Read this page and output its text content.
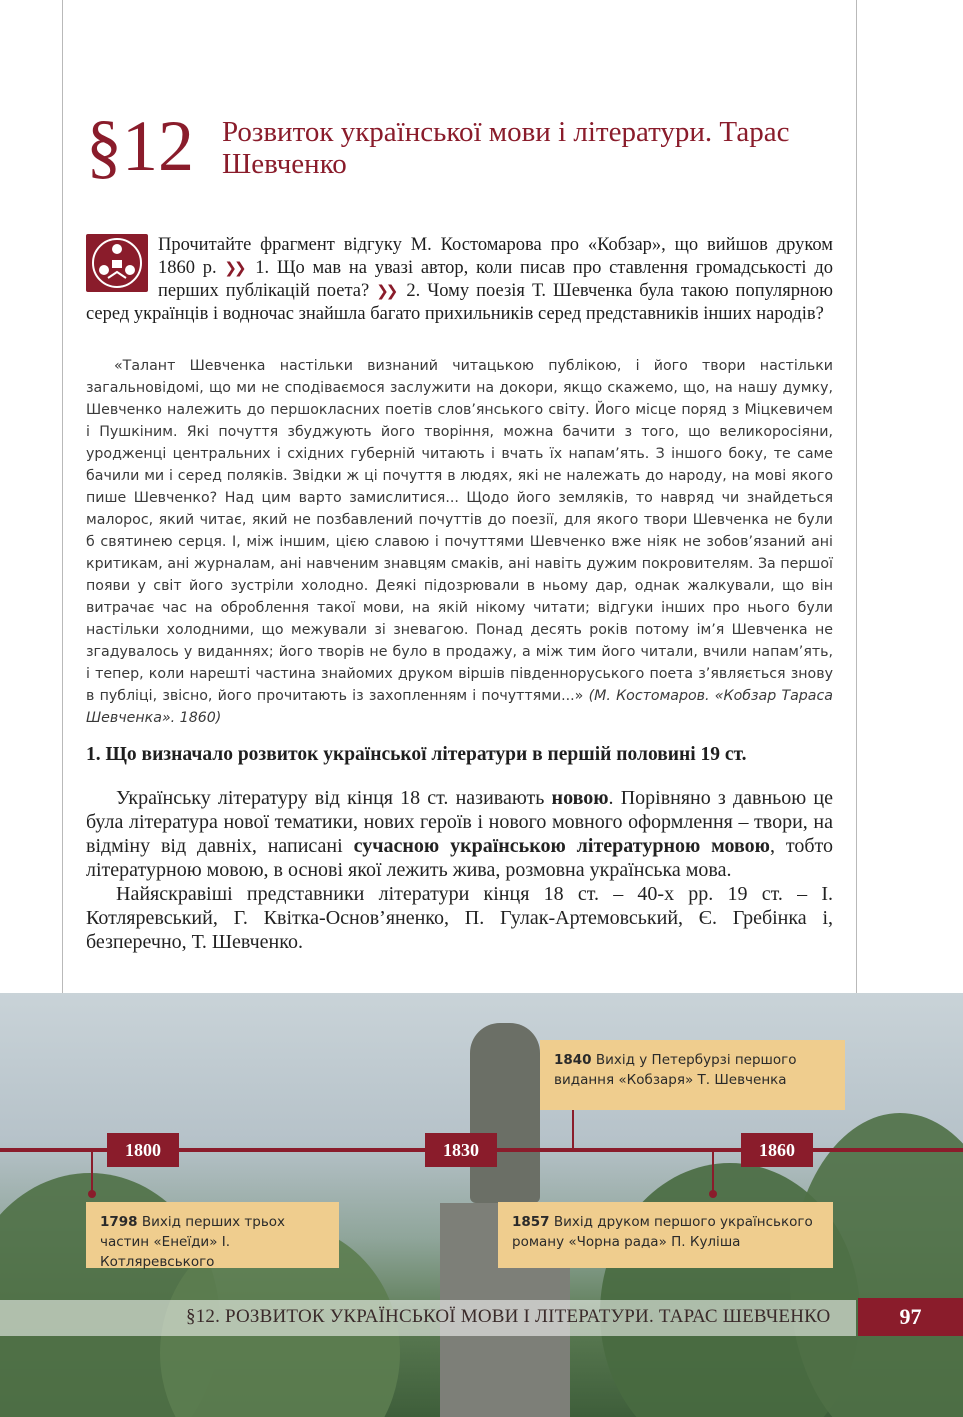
§12 Розвиток української мови і літератури. Тарас Шевченко
Прочитайте фрагмент відгуку М. Костомарова про «Кобзар», що вийшов друком 1860 р. ❯❯ 1. Що мав на увазі автор, коли писав про ставлення громадськості до перших публікацій поета? ❯❯ 2. Чому поезія Т. Шевченка була такою популярною серед українців і водночас знайшла багато прихильників серед представників інших народів?
«Талант Шевченка настільки визнаний читацькою публікою, і його твори настільки загальновідомі, що ми не сподіваємося заслужити на докори, якщо скажемо, що, на нашу думку, Шевченко належить до першокласних поетів слов’янського світу. Його місце поряд з Міцкевичем і Пушкіним. Які почуття збуджують його творіння, можна бачити з того, що великоросіяни, уродженці центральних і східних губерній читають і вчать їх напам’ять. З іншого боку, те саме бачили ми і серед поляків. Звідки ж ці почуття в людях, які не належать до народу, на мові якого пише Шевченко? Над цим варто замислитися... Щодо його земляків, то навряд чи знайдеться малорос, який читає, який не позбавлений почуттів до поезії, для якого твори Шевченка не були б святинею серця. І, між іншим, цією славою і почуттями Шевченко вже ніяк не зобов’язаний ані критикам, ані журналам, ані навченим знавцям смаків, ані навіть дужим покровителям. За першої появи у світ його зустріли холодно. Деякі підозрювали в ньому дар, однак жалкували, що він витрачає час на оброблення такої мови, на якій нікому читати; відгуки інших про нього були настільки холодними, що межували зі зневагою. Понад десять років потому ім’я Шевченка не згадувалось у виданнях; його творів не було в продажу, а між тим його читали, вчили напам’ять, і тепер, коли нарешті частина знайомих друком віршів південноруського поета з’являється знову в публіці, звісно, його прочитають із захопленням і почуттями...» (М. Костомаров. «Кобзар Тараса Шевченка». 1860)
1. Що визначало розвиток української літератури в першій половині 19 ст.

Українську літературу від кінця 18 ст. називають новою. Порівняно з давньою це була література нової тематики, нових героїв і нового мовного оформлення – твори, на відміну від давніх, написані сучасною українською літературною мовою, тобто літературною мовою, в основі якої лежить жива, розмовна українська мова.

Найяскравіші представники літератури кінця 18 ст. – 40-х рр. 19 ст. – І. Котляревський, Г. Квітка-Основ’яненко, П. Гулак-Артемовський, Є. Гребінка і, безперечно, Т. Шевченко.

1800	1830	1860
1840 Вихід у Петербурзі першого видання «Кобзаря» Т. Шевченка
1798 Вихід перших трьох частин «Енеїди» І. Котляревського
1857 Вихід друком першого українського роману «Чорна рада» П. Куліша
§12. РОЗВИТОК УКРАЇНСЬКОЇ МОВИ І ЛІТЕРАТУРИ. ТАРАС ШЕВЧЕНКО	97
